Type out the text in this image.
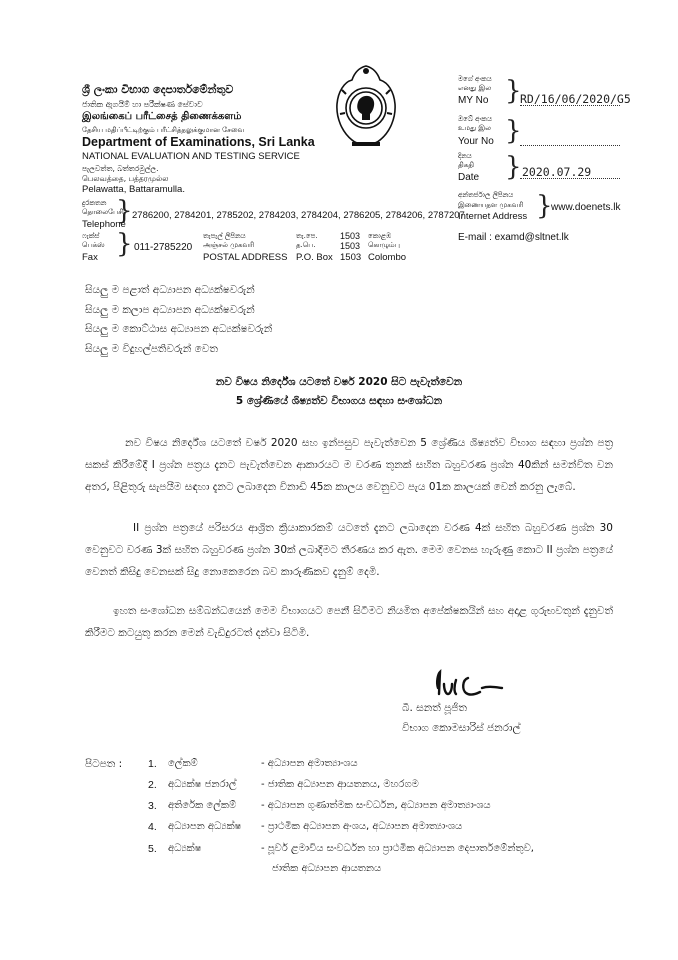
ශ්‍රී ලංකා විභාග දෙපාර්තමේන්තුව
ජාතික ඇගයීම් හා පරීක්ෂණ සේවාව
இலங்கைப் பரீட்சைத் திணைக்களம்
தேசிய மதிப்பீட்டிற்கும் பரீட்சித்தலுக்குமான சேவை
Department of Examinations, Sri Lanka
NATIONAL EVALUATION AND TESTING SERVICE
පැලවත්ත, බත්තරමුල්ල.
பெலவத்தை, பத்தரமுல்ல
Pelawatta, Battaramulla.
මගේ අංකය
எனது இல
MY No }
RD/16/06/2020/G5
ඔබේ අංකය
உமது இல
Your No }
දිනය
திகதி
Date } 2020.07.29
අන්තර්ජාල ලිපිනය
இணையதள முகவரி
Internet Address }
www.doenets.lk
E-mail : examd@sltnet.lk
දුරකතන
தொலைபேசி
Telephone
} 2786200, 2784201, 2785202, 2784203, 2784204, 2786205, 2784206, 2787207
ෆැක්ස්
பெக்ஸ்
Fax } 011-2785220
තැපැල් ලිපිනය
அஞ்சல் முகவரி
POSTAL ADDRESS
තැ.පෙ.
த.பெ.
P.O. Box
1503
1503
1503
කොළඹ
கொழும்பு
Colombo
සියලු ම පළාත් අධ්‍යාපන අධ්‍යක්ෂවරුන්
සියලු ම කලාප අධ්‍යාපන අධ්‍යක්ෂවරුන්
සියලු ම කොට්ඨාස අධ්‍යාපන අධ්‍යක්ෂවරුන්
සියලු ම විදුහල්පතිවරුන් වෙත
නව විෂය නිර්දේශ යටතේ වර්ෂ 2020 සිට පැවැත්වෙන
5 ශ්‍රේණියේ ශිෂ්‍යත්ව විභාගය සඳහා සංශෝධන
නව විෂය නිර්දේශ යටතේ වර්ෂ 2020 සහ ඉන්පසුව පැවැත්වෙන 5 ශ්‍රේණිය ශිෂ්‍යත්ව විභාග සඳහා ප්‍රශ්න පත්‍ර සකස් කිරීමේදී I ප්‍රශ්න පත්‍රය දැනට පැවැත්වෙන ආකාරයට ම වරණ තුනක් සහිත බහුවරණ ප්‍රශ්න 40කින් සමන්විත වන අතර, පිළිතුරු සැපයීම සඳහා දැනට ලබාදෙන විනාඩි 45ක කාලය වෙනුවට පැය 01ක කාලයක් වෙන් කරනු ලැබේ.
II ප්‍රශ්න පත්‍රයේ පරිසරය ආශ්‍රිත ක්‍රියාකාරකම් යටතේ දැනට ලබාදෙන වරණ 4ක් සහිත බහුවරණ ප්‍රශ්න 30 වෙනුවට වරණ 3ක් සහිත බහුවරණ ප්‍රශ්න 30ක් ලබාදීමට තීරණය කර ඇත. මෙම වෙනස හැරුණු කොට II ප්‍රශ්න පත්‍රයේ වෙනත් කිසිදු වෙනසක් සිදු නොකෙරෙන බව කාරුණිකව දැනුම් දෙමි.
ඉහත සංශෝධන සම්බන්ධයෙන් මෙම විභාගයට පෙනී සිටීමට නියමිත අපේක්ෂකයින් සහ අදාළ ගුරුභවතුන් දැනුවත් කිරීමට කටයුතු කරන මෙන් වැඩිදුරටත් දන්වා සිටිමි.
බී. සනත් පූජිත
විභාග කොමසාරිස් ජනරාල්
පිටපත : 1. ලේකම්	- අධ්‍යාපන අමාත්‍යාංශය
2. අධ්‍යක්ෂ ජනරාල් - ජාතික අධ්‍යාපන ආයතනය, මහරගම
3. අතිරේක ලේකම් - අධ්‍යාපන ගුණාත්මක සංවර්ධන, අධ්‍යාපන අමාත්‍යාංශය
4. අධ්‍යාපන අධ්‍යක්ෂ - ප්‍රාථමික අධ්‍යාපන අංශය, අධ්‍යාපන අමාත්‍යාංශය
5. අධ්‍යක්ෂ	- පූර්ව ළමාවිය සංවර්ධන හා ප්‍රාථමික අධ්‍යාපන දෙපාර්තමේන්තුව,
ජාතික අධ්‍යාපන ආයතනය
